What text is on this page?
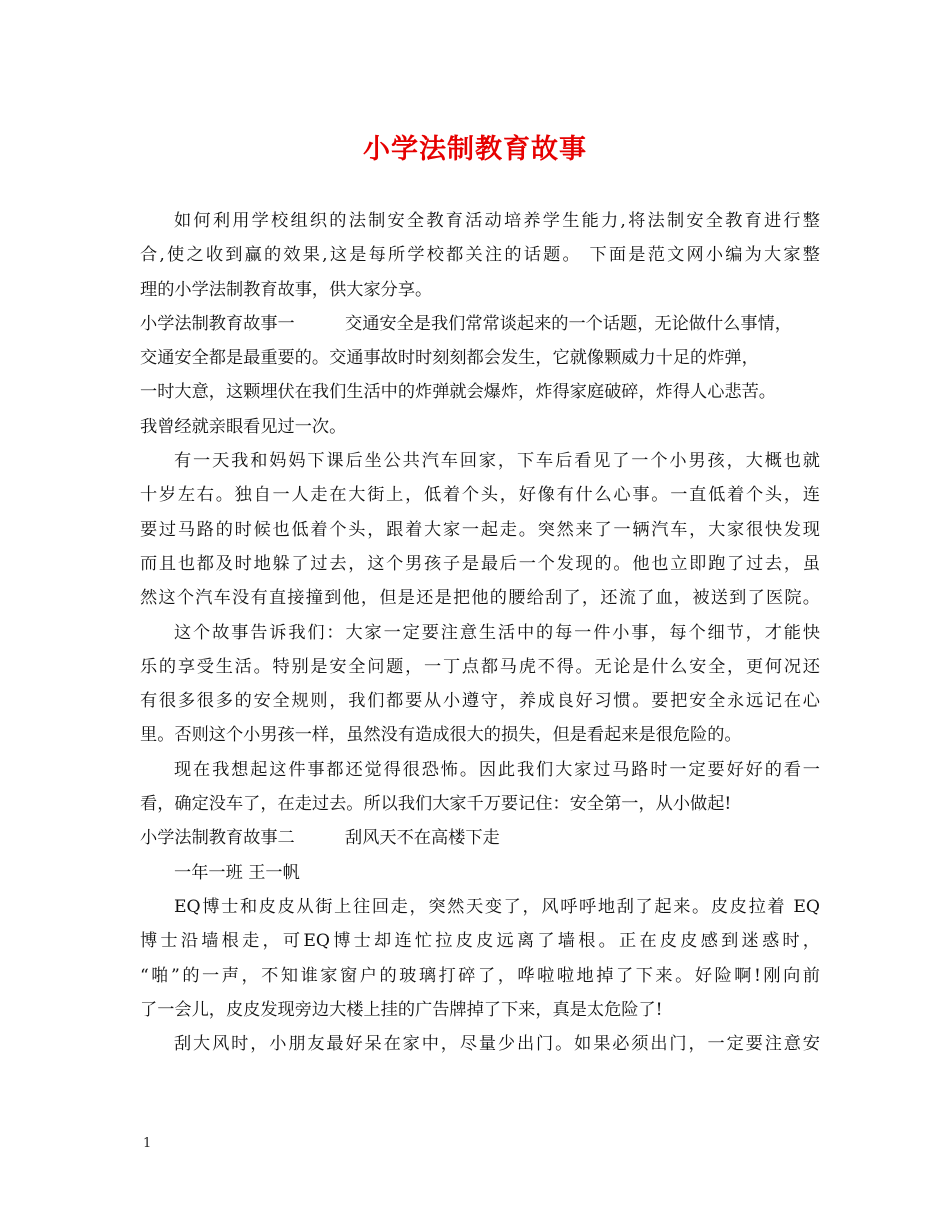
小学法制教育故事
如何利用学校组织的法制安全教育活动培养学生能力,将法制安全教育进行整
合,使之收到赢的效果,这是每所学校都关注的话题。 下面是范文网小编为大家整
理的小学法制教育故事，供大家分享。
小学法制教育故事一	交通安全是我们常常谈起来的一个话题，无论做什么事情，
交通安全都是最重要的。交通事故时时刻刻都会发生，它就像颗威力十足的炸弹，
一时大意，这颗埋伏在我们生活中的炸弹就会爆炸，炸得家庭破碎，炸得人心悲苦。
我曾经就亲眼看见过一次。
有一天我和妈妈下课后坐公共汽车回家，下车后看见了一个小男孩，大概也就
十岁左右。独自一人走在大街上，低着个头，好像有什么心事。一直低着个头，连
要过马路的时候也低着个头，跟着大家一起走。突然来了一辆汽车，大家很快发现
而且也都及时地躲了过去，这个男孩子是最后一个发现的。他也立即跑了过去，虽
然这个汽车没有直接撞到他，但是还是把他的腰给刮了，还流了血，被送到了医院。
这个故事告诉我们：大家一定要注意生活中的每一件小事，每个细节，才能快
乐的享受生活。特别是安全问题，一丁点都马虎不得。无论是什么安全，更何况还
有很多很多的安全规则，我们都要从小遵守，养成良好习惯。要把安全永远记在心
里。否则这个小男孩一样，虽然没有造成很大的损失，但是看起来是很危险的。
现在我想起这件事都还觉得很恐怖。因此我们大家过马路时一定要好好的看一
看，确定没车了，在走过去。所以我们大家千万要记住：安全第一，从小做起!
小学法制教育故事二	刮风天不在高楼下走
一年一班 王一帆
EQ博士和皮皮从街上往回走，突然天变了，风呼呼地刮了起来。皮皮拉着 EQ
博士沿墙根走，可EQ博士却连忙拉皮皮远离了墙根。正在皮皮感到迷惑时，
“啪”的一声，不知谁家窗户的玻璃打碎了，哗啦啦地掉了下来。好险啊!刚向前
了一会儿，皮皮发现旁边大楼上挂的广告牌掉了下来，真是太危险了!
刮大风时，小朋友最好呆在家中，尽量少出门。如果必须出门，一定要注意安
1
